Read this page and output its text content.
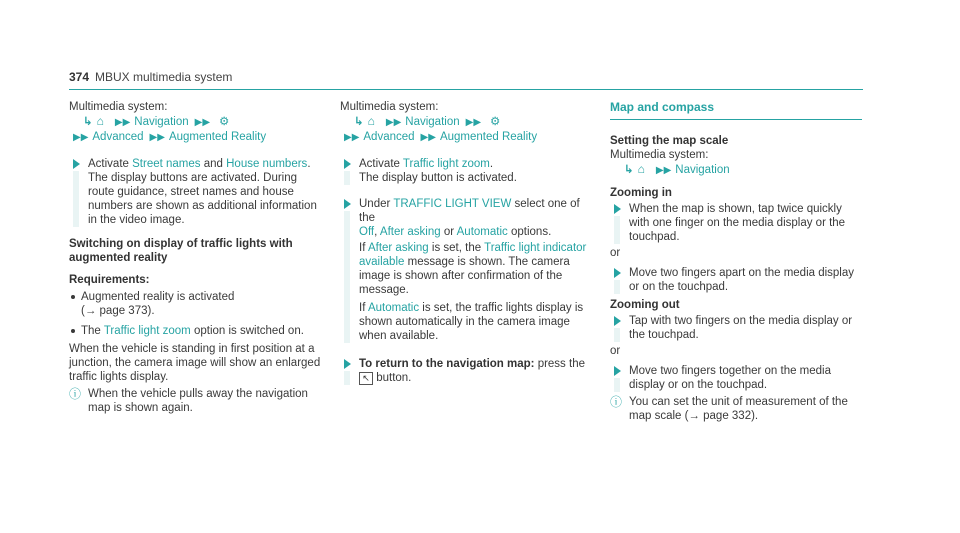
374 MBUX multimedia system

Multimedia system:

↳ ⌂ ▶▶ Navigation ▶▶ ⚙

▶▶ Advanced ▶▶ Augmented Reality

Activate Street names and House numbers.
The display buttons are activated. During route guidance, street names and house numbers are shown as additional information in the video image.
Switching on display of traffic lights with augmented reality
Requirements:
Augmented reality is activated
(→ page 373).
The Traffic light zoom option is switched on.

When the vehicle is standing in first position at a junction, the camera image will show an enlarged traffic lights display.

ⓘ When the vehicle pulls away the navigation map is shown again.

Multimedia system:

↳ ⌂ ▶▶ Navigation ▶▶ ⚙

▶▶ Advanced ▶▶ Augmented Reality

Activate Traffic light zoom.
The display button is activated.
Under TRAFFIC LIGHT VIEW select one of the
Off, After asking or Automatic options.
If After asking is set, the Traffic light indicator available message is shown. The camera image is shown after confirmation of the message.
If Automatic is set, the traffic lights display is shown automatically in the camera image when available.
To return to the navigation map: press the
↖ button.

Map and compass

Setting the map scale

Multimedia system:

↳ ⌂ ▶▶ Navigation

Zooming in
When the map is shown, tap twice quickly with one finger on the media display or the touchpad.

or

Move two fingers apart on the media display or on the touchpad.
Zooming out
Tap with two fingers on the media display or the touchpad.

or

Move two fingers together on the media display or on the touchpad.
ⓘ You can set the unit of measurement of the map scale (→ page 332).
